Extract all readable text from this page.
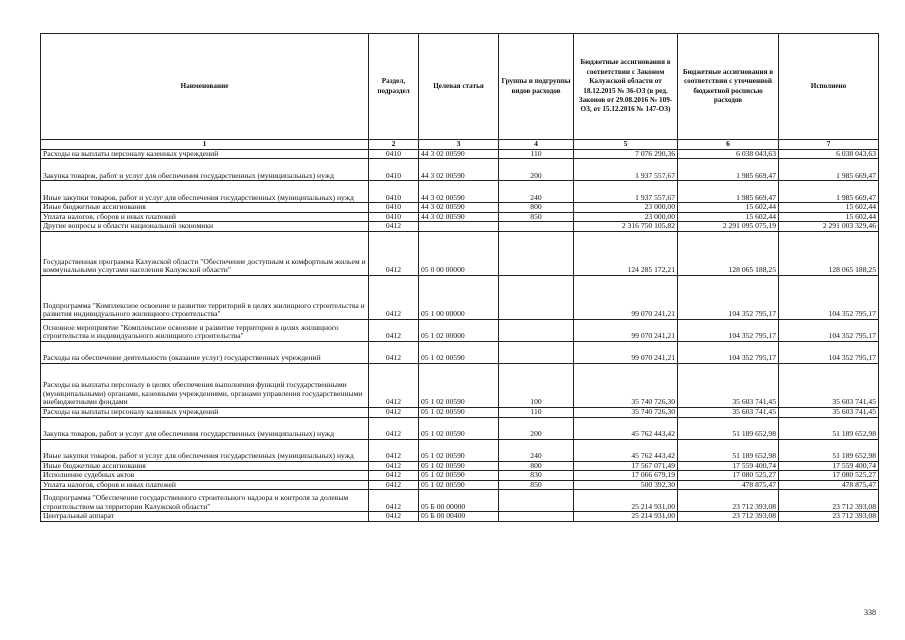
Наименование	Раздел, подраздел	Целевая статья	Группы и подгруппы видов расходов	Бюджетные ассигнования в соответствии с Законом Калужской области от 18.12.2015 № 36-ОЗ (в ред. Законов от 29.08.2016 № 109-ОЗ, от 15.12.2016 № 147-ОЗ)	Бюджетные ассигнования в соответствии с уточненной бюджетной росписью расходов	Исполнено
1	2	3	4	5	6	7
Расходы на выплаты персоналу казенных учреждений	0410	44 3 02 00590	110	7 076 290,36	6 038 043,63	6 038 043,63
Закупка товаров, работ и услуг для обеспечения государственных (муниципальных) нужд	0410	44 3 02 00590	200	1 937 557,67	1 985 669,47	1 985 669,47
Иные закупки товаров, работ и услуг для обеспечения государственных (муниципальных) нужд	0410	44 3 02 00590	240	1 937 557,67	1 985 669,47	1 985 669,47
Иные бюджетные ассигнования	0410	44 3 02 00590	800	23 000,00	15 602,44	15 602,44
Уплата налогов, сборов и иных платежей	0410	44 3 02 00590	850	23 000,00	15 602,44	15 602,44
Другие вопросы в области национальной экономики	0412			2 316 750 105,82	2 291 095 075,19	2 291 003 329,46
Государственная программа Калужской области "Обеспечение доступным и комфортным жильем и коммунальными услугами населения Калужской области"	0412	05 0 00 00000		124 285 172,21	128 065 188,25	128 065 188,25
Подпрограмма "Комплексное освоение и развитие территорий в целях жилищного строительства и развития индивидуального жилищного строительства"	0412	05 1 00 00000		99 070 241,21	104 352 795,17	104 352 795,17
Основное мероприятие "Комплексное освоение и развитие территории в целях жилищного строительства и индивидуального жилищного строительства"	0412	05 1 02 00000		99 070 241,21	104 352 795,17	104 352 795,17
Расходы на обеспечение деятельности (оказание услуг) государственных учреждений	0412	05 1 02 00590		99 070 241,21	104 352 795,17	104 352 795,17
Расходы на выплаты персоналу в целях обеспечения выполнения функций государственными (муниципальными) органами, казенными учреждениями, органами управления государственными внебюджетными фондами	0412	05 1 02 00590	100	35 740 726,30	35 603 741,45	35 603 741,45
Расходы на выплаты персоналу казенных учреждений	0412	05 1 02 00590	110	35 740 726,30	35 603 741,45	35 603 741,45
Закупка товаров, работ и услуг для обеспечения государственных (муниципальных) нужд	0412	05 1 02 00590	200	45 762 443,42	51 189 652,98	51 189 652,98
Иные закупки товаров, работ и услуг для обеспечения государственных (муниципальных) нужд	0412	05 1 02 00590	240	45 762 443,42	51 189 652,98	51 189 652,98
Иные бюджетные ассигнования	0412	05 1 02 00590	800	17 567 071,49	17 559 400,74	17 559 400,74
Исполнение судебных актов	0412	05 1 02 00590	830	17 066 679,19	17 080 525,27	17 080 525,27
Уплата налогов, сборов и иных платежей	0412	05 1 02 00590	850	500 392,30	478 875,47	478 875,47
Подпрограмма "Обеспечение государственного строительного надзора и контроля за долевым строительством на территории Калужской области"	0412	05 Б 00 00000		25 214 931,00	23 712 393,08	23 712 393,08
Центральный аппарат	0412	05 Б 00 00400		25 214 931,00	23 712 393,08	23 712 393,08
338
